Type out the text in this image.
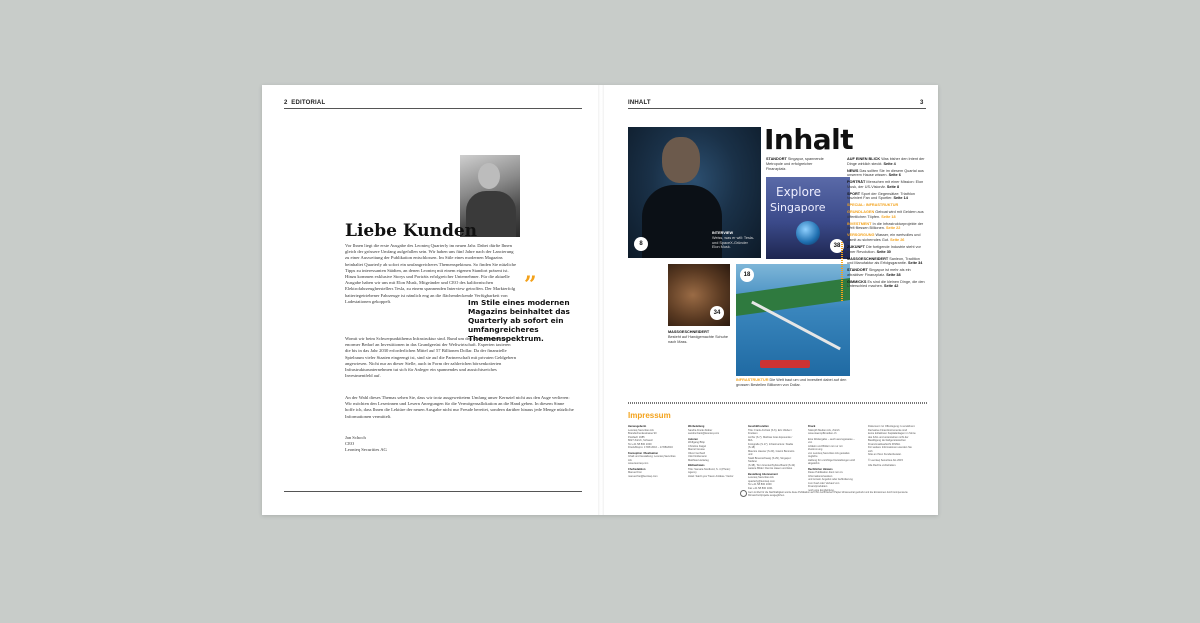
2 EDITORIAL
Liebe Kunden
Vor Ihnen liegt die erste Ausgabe des Leonteq Quarterly im neuen Jahr. Dabei dürfte Ihnen gleich der grössere Umfang aufgefallen sein. Wir haben uns fünf Jahre nach der Lancierung zu einer Ausweitung der Publikation entschlossen. Im Stile eines modernen Magazins beinhaltet Quarterly ab sofort ein umfangreicheres Themenspektrum. So finden Sie nützliche Tipps zu interessanten Städten, an denen Leonteq mit einem eigenen Standort präsent ist. Hinzu kommen exklusive Storys und Porträts erfolgreicher Unternehmer. Für die aktuelle Ausgabe haben wir uns mit Elon Musk, Mitgründer und CEO des kalifornischen Elektrofahrzeugherstellers Tesla, zu einem spannenden Interview getroffen. Der Markterfolg batteriegetriebener Fahrzeuge ist nämlich eng an die flächendeckende Verfügbarkeit von Ladestationen gekoppelt.
Womit wir beim Schwerpunktthema Infrastruktur sind. Rund um den Globus besteht ein enormer Bedarf an Investitionen in das Grundgerüst der Weltwirtschaft. Experten taxieren die bis in das Jahr 2030 erforderlichen Mittel auf 57 Billionen Dollar. Da der finanzielle Spielraum vieler Staaten eingeengt ist, sind sie auf die Partnerschaft mit privaten Geldgebern angewiesen. Nicht nur an dieser Stelle, auch in Form der zahlreichen börsenkotierten Infrastrukturunternehmen tut sich für Anleger ein spannendes und aussichtsreiches Investmentfeld auf.
An der Wahl dieses Themas sehen Sie, dass wir trotz ausgeweitetem Umfang unser Kernziel nicht aus den Auge verlieren: Wir möchten den Leserinnen und Lesern Anregungen für die Vermögensallokation an die Hand geben. In diesem Sinne hoffe ich, dass Ihnen die Lektüre der neuen Ausgabe nicht nur Freude bereitet, sondern darüber hinaus jede Menge nützliche Informationen vermittelt.
”
Im Stile eines modernen Magazins beinhaltet das Quarterly ab sofort ein umfangreicheres Themenspektrum.
Jan Schoch
CEO
Leonteq Securities AG
INHALT	3
8
INTERVIEW
Weiss, was er will: Tesla- und SpaceX-Gründer Elon Musk.
Inhalt
STANDORT Singapur, spannende Metropole und erfolgreicher Finanzplatz.
Explore
Singapore
38
34
MASSGESCHNEIDERT
Besteht auf Handgemachte Schuhe nach Mass.
18
INFRASTRUKTUR Die Welt baut um und investiert dabei auf den grossen Bestellen Billionen von Dollar.
AUF EINEN BLICK Was bisher den Intent der Dinge wirklich steckt. Seite 4
NEWS Das sollten Sie im diesem Quartal aus unserem Hause wissen. Seite 6
PORTRÄT Menschen mit einer Mission: Elon Musk, der US-Visionär. Seite 8
SPORT Sport der Gegensätze: Triathlon fasziniert Fan und Sportler. Seite 14
SPECIAL: INFRASTRUKTUR
GRUNDLAGEN Geboat wird mit Geldern aus öffentlichen Töpfen. Seite 18
INVESTMENT In die Infrastrukturprojekte der Welt fliessen Billionen. Seite 22
VERSORGUNG Wasser, ein wertvolles und damit zu sicherndes Gut. Seite 26
ZUKUNFT Die fortigende Industrie steht vor einer Revolution. Seite 30
MASSGESCHNEIDERT Sanleon, Tradition und Manufaktur als Erfolgsgarantie. Seite 34
STANDORT Singapur ist mehr als ein attraktiver Finanzplatz. Seite 38
GIMMICKS Es sind die kleinen Dinge, die den Unterschied machen. Seite 42
Impressum
Herausgeberin
Leonteq Securities AG
Brandschenkestrasse 90
Postfach 1685
8027 Zürich, Schweiz
Tel +41 58 800 1000
Druck/Repro: 17/08 2016 – 17/08/2016

Konzeption / Realisation
Inhalt und Gestaltung: Leonteq Securities AG
www.leonteq.com

Chefredaktion
Manuel Frei
manuel.frei@leonteq.com

Werbeleitung
Sandra Frank-Stüber
sandra.frank@leonteq.com

Autoren
Wolfgang Blöp
Christine Faigel
Marcel Gresse
Oliver Gerhard
Udo Finklemann
Matthias Hartwieg

Bildnachweis
Title: Samara Nordlund, S. 4 (Photo): Agency
Hotel: Said Lyca Traum Antikas / Vector

Geschäftsstellen
Title: Frank Archiek (S.6), Eric Weber / Franken
Archiv (S.7), Mathias Gras Eposunde / MiA
Fotografie (S.17), Infrastructure: Stadia (S.18)
Maurice Hauner (S.23), Gianni Bennetto und
Stadt Braunschweig (S.29), Singapur: Stefano
(S.38), Tom Greniso/Sybica Board (S.42)
weitere Bilder: Dennis Hasen und Eiss

Bestellung Abonnement
Leonteq Securities AG
quarterly@leonteq.com
Tel +41 58 800 1000
Fax +41 58 800 1001

Druck
Stämpfli Medien AG, Zürich
www.staempflimedien.ch

Eine Weitergabe – auch auszugsweise – von
Artikeln und Bildern ist nur mit Zustimmung
von Leonteq Securities AG gestattet. Jegliche
Haftung für unrichtige Darstellungen wird
abgelehnt.

Rechtlicher Hinweis
Diese Publikation dient rein zu Informationszwecken
und ist kein Angebot oder Aufforderung
zum Kauf oder Verkauf von Finanzprodukten
noch eine Empfehlung.

Dokument zur Offenlegung zu erwähnen:
Derivative Finanzinstrumente sind
keine kollektiven Kapitalanlagen im Sinne
des KAG und unterstehen nicht der
Bewilligung der Eidgenössischen
Finanzmarktaufsicht FINMA.
Für weitere Informationen wenden Sie sich
bitte an Ihren Kundenberater.

© Leonteq Securities AG 2015

Alle Rechte vorbehalten.

Gern ist Ziel für die Nachhaltigkeit wurde diese Publikation auf FSC-zertifiziertem Papier klimaneutral gedruckt und die Emissionen durch kompensierte Klimaschutzprojekte ausgeglichen.
